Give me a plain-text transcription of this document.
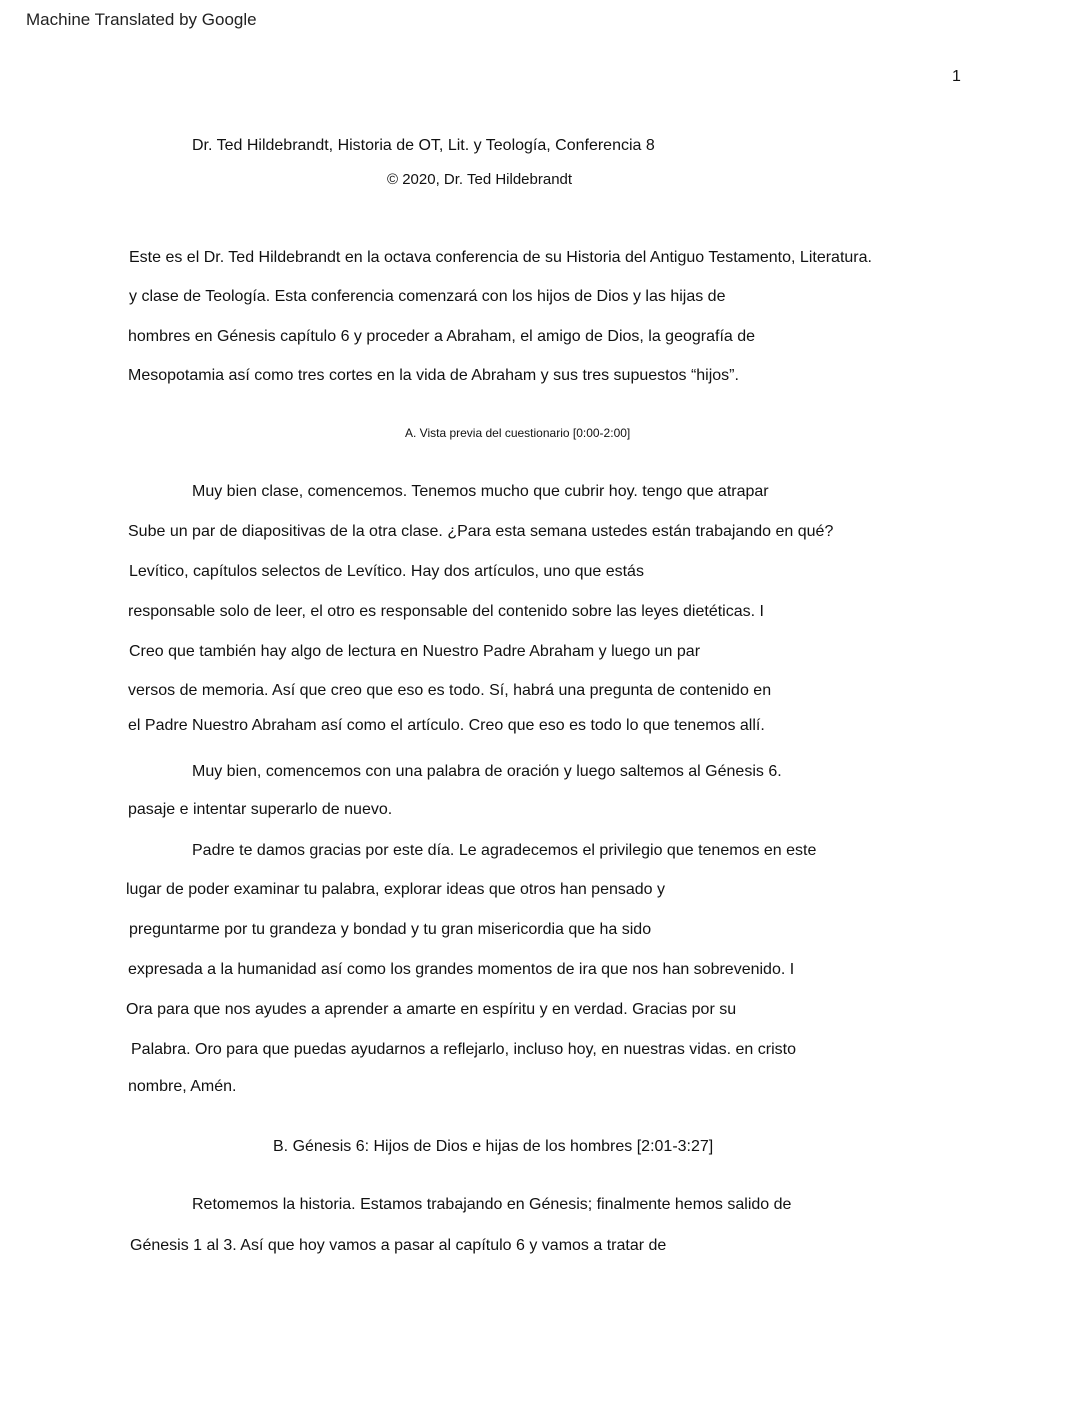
Machine Translated by Google
1
Dr. Ted Hildebrandt, Historia de OT, Lit. y Teología, Conferencia 8
© 2020, Dr. Ted Hildebrandt

Este es el Dr. Ted Hildebrandt en la octava conferencia de su Historia del Antiguo Testamento, Literatura.

y clase de Teología. Esta conferencia comenzará con los hijos de Dios y las hijas de

hombres en Génesis capítulo 6 y proceder a Abraham, el amigo de Dios, la geografía de

Mesopotamia así como tres cortes en la vida de Abraham y sus tres supuestos “hijos”.

A. Vista previa del cuestionario [0:00-2:00]

Muy bien clase, comencemos. Tenemos mucho que cubrir hoy. tengo que atrapar

Sube un par de diapositivas de la otra clase. ¿Para esta semana ustedes están trabajando en qué?

Levítico, capítulos selectos de Levítico. Hay dos artículos, uno que estás

responsable solo de leer, el otro es responsable del contenido sobre las leyes dietéticas. I

Creo que también hay algo de lectura en Nuestro Padre Abraham y luego un par

versos de memoria. Así que creo que eso es todo. Sí, habrá una pregunta de contenido en

el Padre Nuestro Abraham así como el artículo. Creo que eso es todo lo que tenemos allí.

Muy bien, comencemos con una palabra de oración y luego saltemos al Génesis 6.

pasaje e intentar superarlo de nuevo.

Padre te damos gracias por este día. Le agradecemos el privilegio que tenemos en este

lugar de poder examinar tu palabra, explorar ideas que otros han pensado y

preguntarme por tu grandeza y bondad y tu gran misericordia que ha sido

expresada a la humanidad así como los grandes momentos de ira que nos han sobrevenido. I

Ora para que nos ayudes a aprender a amarte en espíritu y en verdad. Gracias por su

Palabra. Oro para que puedas ayudarnos a reflejarlo, incluso hoy, en nuestras vidas. en cristo

nombre, Amén.

B. Génesis 6: Hijos de Dios e hijas de los hombres [2:01-3:27]

Retomemos la historia. Estamos trabajando en Génesis; finalmente hemos salido de

Génesis 1 al 3. Así que hoy vamos a pasar al capítulo 6 y vamos a tratar de
